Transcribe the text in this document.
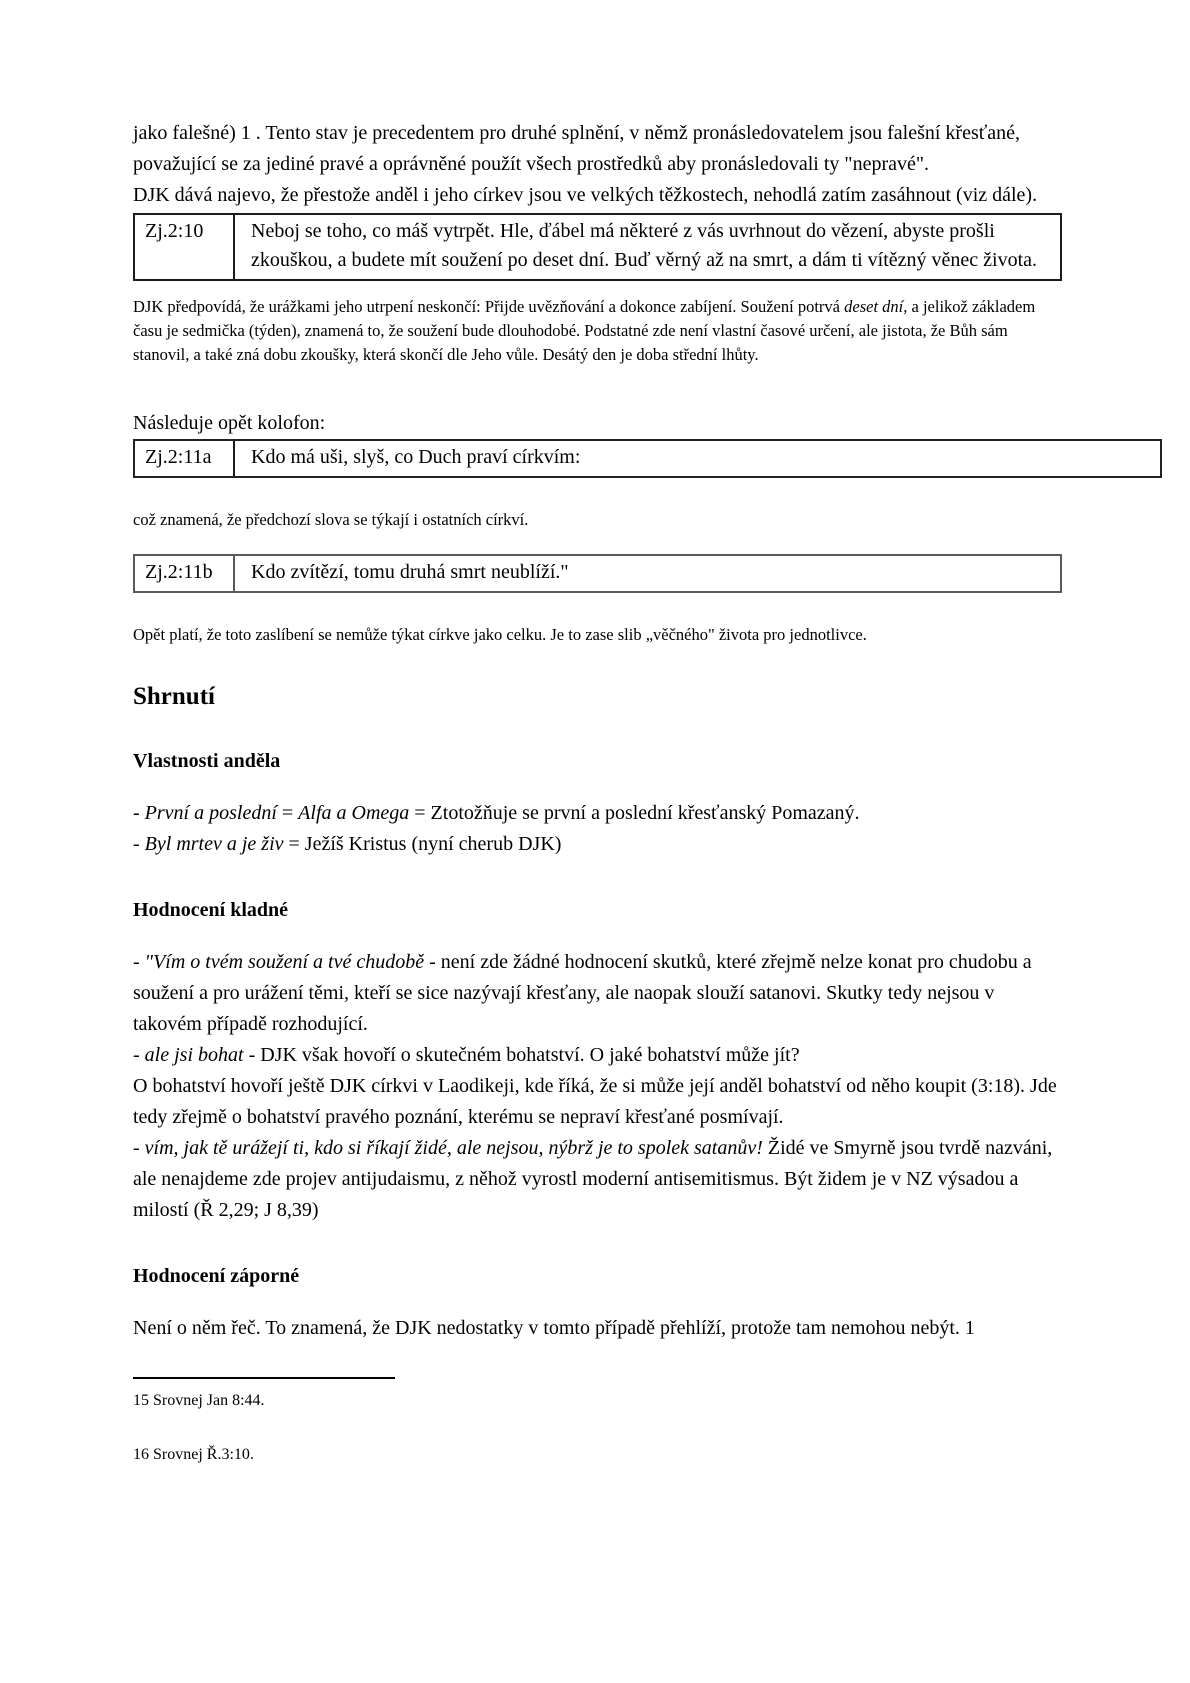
jako falešné) 1 . Tento stav je precedentem pro druhé splnění, v němž pronásledovatelem jsou falešní křesťané, považující se za jediné pravé a oprávněné použít všech prostředků aby pronásledovali ty "nepravé".

DJK dává najevo, že přestože anděl i jeho církev jsou ve velkých těžkostech, nehodlá zatím zasáhnout (viz dále).

Zj.2:10	Neboj se toho, co máš vytrpět. Hle, ďábel má některé z vás uvrhnout do vězení, abyste prošli zkouškou, a budete mít soužení po deset dní. Buď věrný až na smrt, a dám ti vítězný věnec života.

DJK předpovídá, že urážkami jeho utrpení neskončí: Přijde uvězňování a dokonce zabíjení. Soužení potrvá deset dní, a jelikož základem času je sedmička (týden), znamená to, že soužení bude dlouhodobé. Podstatné zde není vlastní časové určení, ale jistota, že Bůh sám stanovil, a také zná dobu zkoušky, která skončí dle Jeho vůle. Desátý den je doba střední lhůty.

Následuje opět kolofon:

Zj.2:11a	Kdo má uši, slyš, co Duch praví církvím:

což znamená, že předchozí slova se týkají i ostatních církví.

Zj.2:11b	Kdo zvítězí, tomu druhá smrt neublíží."

Opět platí, že toto zaslíbení se nemůže týkat církve jako celku. Je to zase slib „věčného" života pro jednotlivce.

Shrnutí
Vlastnosti anděla

- První a poslední = Alfa a Omega = Ztotožňuje se první a poslední křesťanský Pomazaný.

- Byl mrtev a je živ = Ježíš Kristus (nyní cherub DJK)

Hodnocení kladné

- "Vím o tvém soužení a tvé chudobě - není zde žádné hodnocení skutků, které zřejmě nelze konat pro chudobu a soužení a pro urážení těmi, kteří se sice nazývají křesťany, ale naopak slouží satanovi. Skutky tedy nejsou v takovém případě rozhodující.

- ale jsi bohat - DJK však hovoří o skutečném bohatství. O jaké bohatství může jít?

O bohatství hovoří ještě DJK církvi v Laodikeji, kde říká, že si může její anděl bohatství od něho koupit (3:18). Jde tedy zřejmě o bohatství pravého poznání, kterému se nepraví křesťané posmívají.

- vím, jak tě urážejí ti, kdo si říkají židé, ale nejsou, nýbrž je to spolek satanův! Židé ve Smyrně jsou tvrdě nazváni, ale nenajdeme zde projev antijudaismu, z něhož vyrostl moderní antisemitismus. Být židem je v NZ výsadou a milostí (Ř 2,29; J 8,39)

Hodnocení záporné

Není o něm řeč. To znamená, že DJK nedostatky v tomto případě přehlíží, protože tam nemohou nebýt. 1

15 Srovnej Jan 8:44.

16 Srovnej Ř.3:10.
